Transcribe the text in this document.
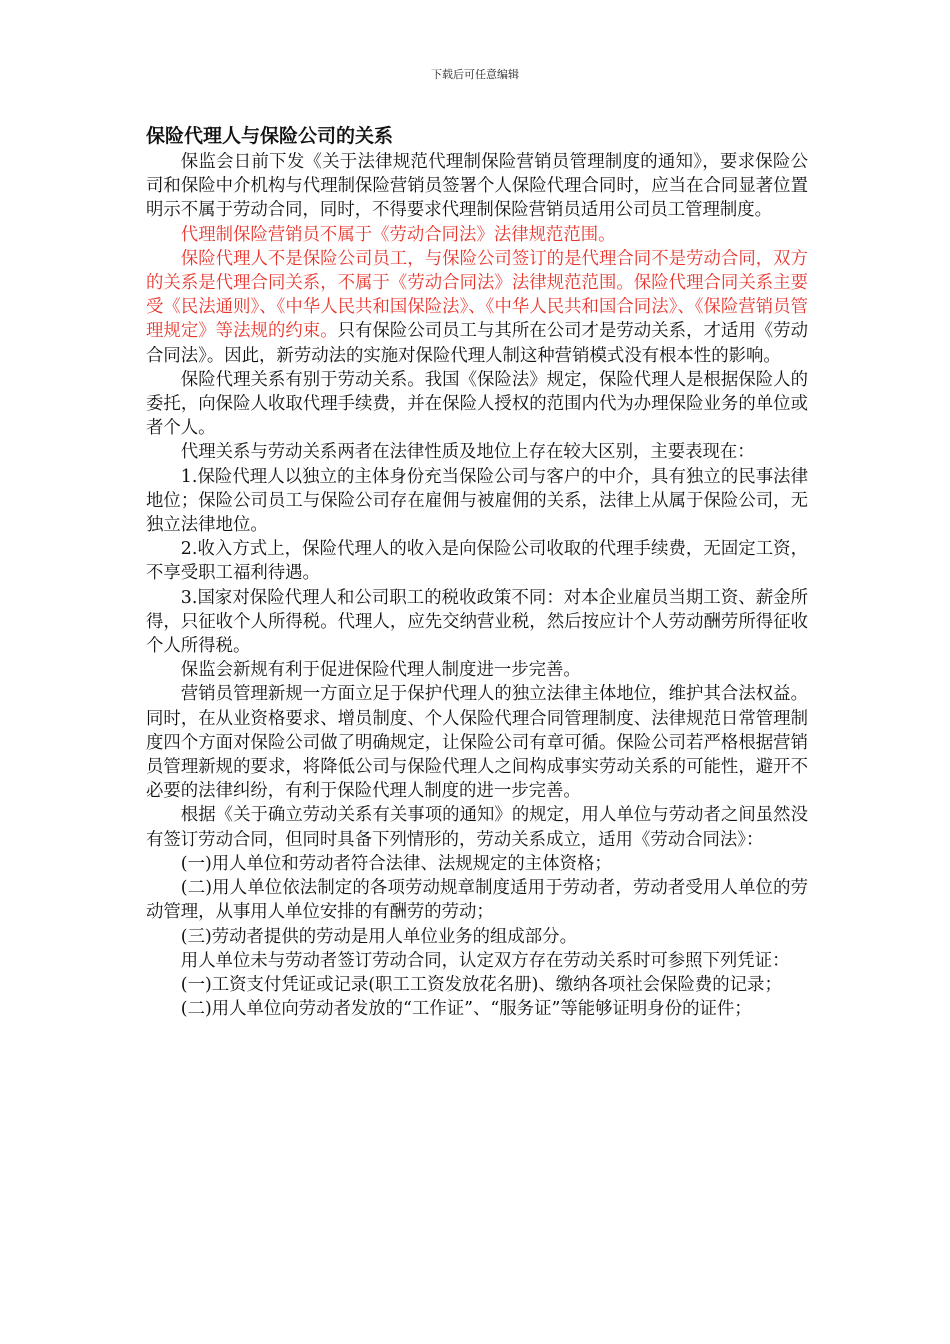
下载后可任意编辑
保险代理人与保险公司的关系

保监会日前下发《关于法律规范代理制保险营销员管理制度的通知》，要求保险公司和保险中介机构与代理制保险营销员签署个人保险代理合同时，应当在合同显著位置明示不属于劳动合同，同时，不得要求代理制保险营销员适用公司员工管理制度。

代理制保险营销员不属于《劳动合同法》法律规范范围。

保险代理人不是保险公司员工，与保险公司签订的是代理合同不是劳动合同，双方的关系是代理合同关系，不属于《劳动合同法》法律规范范围。保险代理合同关系主要受《民法通则》、《中华人民共和国保险法》、《中华人民共和国合同法》、《保险营销员管理规定》等法规的约束。只有保险公司员工与其所在公司才是劳动关系，才适用《劳动合同法》。因此，新劳动法的实施对保险代理人制这种营销模式没有根本性的影响。

保险代理关系有别于劳动关系。我国《保险法》规定，保险代理人是根据保险人的委托，向保险人收取代理手续费，并在保险人授权的范围内代为办理保险业务的单位或者个人。

代理关系与劳动关系两者在法律性质及地位上存在较大区别，主要表现在：

1.保险代理人以独立的主体身份充当保险公司与客户的中介，具有独立的民事法律地位；保险公司员工与保险公司存在雇佣与被雇佣的关系，法律上从属于保险公司，无独立法律地位。

2.收入方式上，保险代理人的收入是向保险公司收取的代理手续费，无固定工资，不享受职工福利待遇。

3.国家对保险代理人和公司职工的税收政策不同：对本企业雇员当期工资、薪金所得，只征收个人所得税。代理人，应先交纳营业税，然后按应计个人劳动酬劳所得征收个人所得税。

保监会新规有利于促进保险代理人制度进一步完善。

营销员管理新规一方面立足于保护代理人的独立法律主体地位，维护其合法权益。同时，在从业资格要求、增员制度、个人保险代理合同管理制度、法律规范日常管理制度四个方面对保险公司做了明确规定，让保险公司有章可循。保险公司若严格根据营销员管理新规的要求，将降低公司与保险代理人之间构成事实劳动关系的可能性，避开不必要的法律纠纷，有利于保险代理人制度的进一步完善。

根据《关于确立劳动关系有关事项的通知》的规定，用人单位与劳动者之间虽然没有签订劳动合同，但同时具备下列情形的，劳动关系成立，适用《劳动合同法》：

(一)用人单位和劳动者符合法律、法规规定的主体资格；

(二)用人单位依法制定的各项劳动规章制度适用于劳动者，劳动者受用人单位的劳动管理，从事用人单位安排的有酬劳的劳动；

(三)劳动者提供的劳动是用人单位业务的组成部分。

用人单位未与劳动者签订劳动合同，认定双方存在劳动关系时可参照下列凭证：

(一)工资支付凭证或记录(职工工资发放花名册)、缴纳各项社会保险费的记录；

(二)用人单位向劳动者发放的“工作证”、“服务证”等能够证明身份的证件；
